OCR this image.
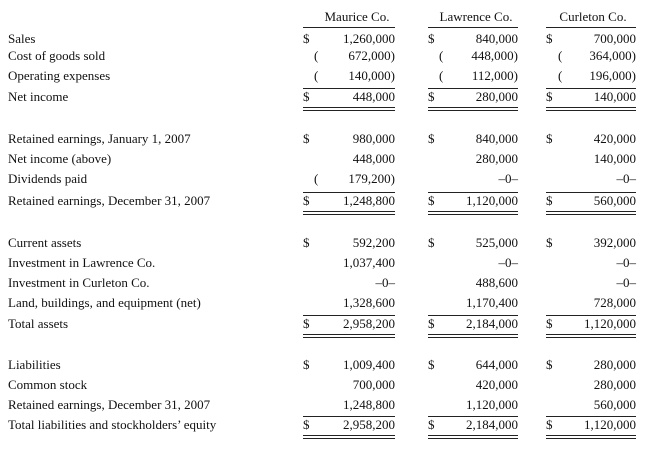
Maurice Co.	Lawrence Co.	Curleton Co.
Sales	$	1,260,000	$	840,000 $	700,000
Cost of goods sold	( 672,000)	( 448,000)	( 364,000)
Operating expenses	( 140,000)	( 112,000)	( 196,000)
Net income	$	448,000	$	280,000 $	140,000
Retained earnings, January 1, 2007	$	980,000	$	840,000 $	420,000
Net income (above)	448,000	280,000	140,000
Dividends paid	( 179,200)	–0–	–0–
Retained earnings, December 31, 2007	$	1,248,800	$ 1,120,000 $	560,000
Current assets	$	592,200	$	525,000 $	392,000
Investment in Lawrence Co.	1,037,400	–0–	–0–
Investment in Curleton Co.	–0–	488,600	–0–
Land, buildings, and equipment (net)	1,328,600	1,170,400	728,000
Total assets	$	2,958,200	$ 2,184,000 $ 1,120,000
Liabilities	$	1,009,400	$	644,000 $	280,000
Common stock	700,000	420,000	280,000
Retained earnings, December 31, 2007	1,248,800	1,120,000	560,000
Total liabilities and stockholders’ equity	$	2,958,200	$ 2,184,000 $ 1,120,000
